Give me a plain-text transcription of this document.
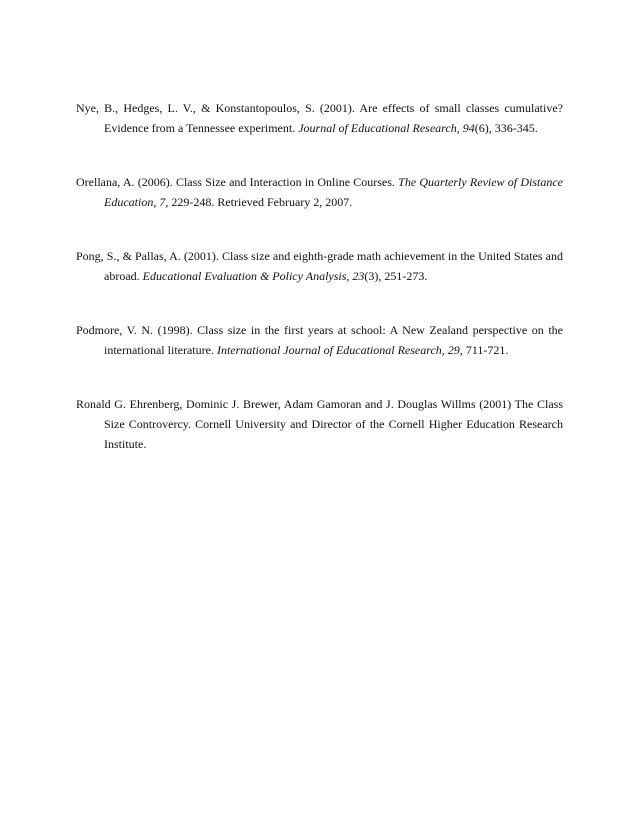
Nye, B., Hedges, L. V., & Konstantopoulos, S. (2001). Are effects of small classes cumulative? Evidence from a Tennessee experiment. Journal of Educational Research, 94(6), 336-345.

Orellana, A. (2006). Class Size and Interaction in Online Courses. The Quarterly Review of Distance Education, 7, 229-248. Retrieved February 2, 2007.

Pong, S., & Pallas, A. (2001). Class size and eighth-grade math achievement in the United States and abroad. Educational Evaluation & Policy Analysis, 23(3), 251-273.

Podmore, V. N. (1998). Class size in the first years at school: A New Zealand perspective on the international literature. International Journal of Educational Research, 29, 711-721.

Ronald G. Ehrenberg, Dominic J. Brewer, Adam Gamoran and J. Douglas Willms (2001) The Class Size Controvercy. Cornell University and Director of the Cornell Higher Education Research Institute.
